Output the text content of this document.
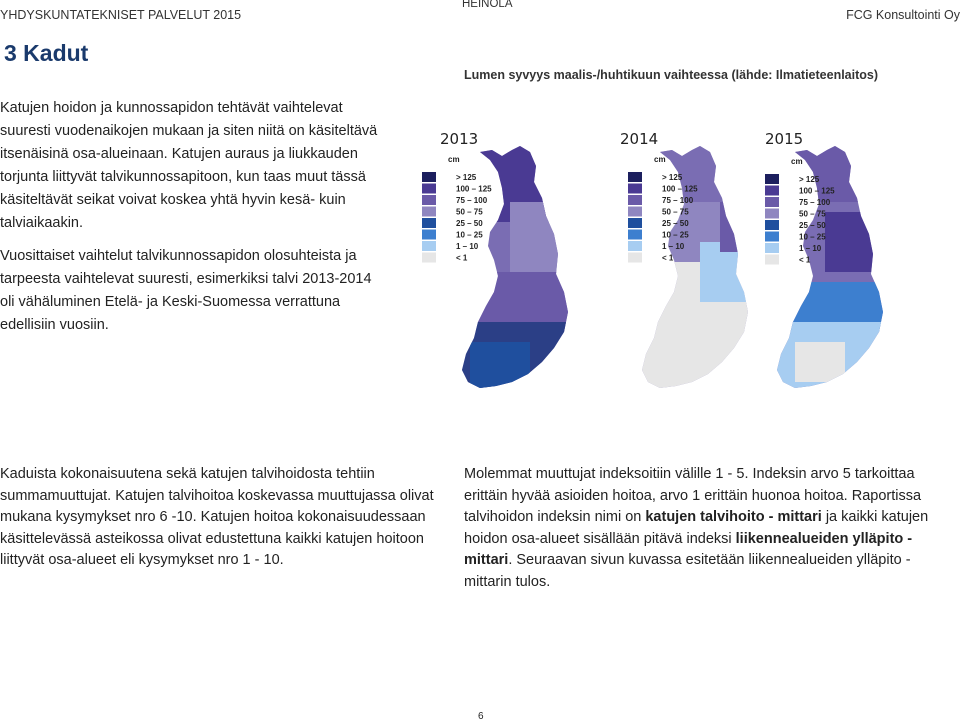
YHDYSKUNTATEKNISET PALVELUT 2015
HEINOLA
FCG Konsultointi Oy
3 Kadut
Lumen syvyys maalis-/huhtikuun vaihteessa (lähde: Ilmatieteenlaitos)
Katujen hoidon ja kunnossapidon tehtävät vaihtelevat
suuresti vuodenaikojen mukaan ja siten niitä on käsiteltävä
itsenäisinä osa-alueinaan. Katujen auraus ja liukkauden
torjunta liittyvät talvikunnossapitoon, kun taas muut tässä
käsiteltävät seikat voivat koskea yhtä hyvin kesä- kuin
talviaikaakin.
Vuosittaiset vaihtelut talvikunnossapidon olosuhteista ja
tarpeesta vaihtelevat suuresti, esimerkiksi talvi 2013-2014
oli vähäluminen Etelä- ja Keski-Suomessa verrattuna
edellisiin vuosiin.
2013	2014	2015
cm
> 125
100 – 125
75 – 100
50 – 75
25 – 50
10 – 25
1 – 10
< 1
cm
> 125
100 – 125
75 – 100
50 – 75
25 – 50
10 – 25
1 – 10
< 1
cm
> 125
100 – 125
75 – 100
50 – 75
25 – 50
10 – 25
1 – 10
< 1
Kaduista kokonaisuutena sekä katujen talvihoidosta tehtiin summamuuttujat. Katujen talvihoitoa koskevassa muuttujassa olivat mukana kysymykset nro 6 -10. Katujen hoitoa kokonaisuudessaan käsittelevässä asteikossa olivat edustettuna kaikki katujen hoitoon liittyvät osa-alueet eli kysymykset nro 1 - 10.
Molemmat muuttujat indeksoitiin välille 1 - 5. Indeksin arvo 5 tarkoittaa erittäin hyvää asioiden hoitoa, arvo 1 erittäin huonoa hoitoa. Raportissa talvihoidon indeksin nimi on katujen talvihoito - mittari ja kaikki katujen hoidon osa-alueet sisällään pitävä indeksi liikennealueiden ylläpito -mittari. Seuraavan sivun kuvassa esitetään liikennealueiden ylläpito -mittarin tulos.
6
